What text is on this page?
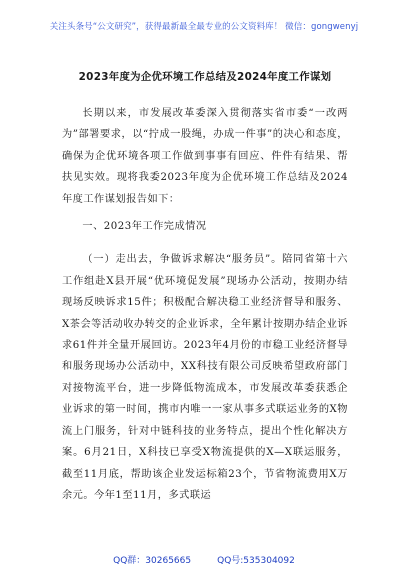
关注头条号“公文研究”，获得最新最全最专业的公文资料库！ 微信：gongwenyj
2023年度为企优环境工作总结及2024年度工作谋划

长期以来，市发展改革委深入贯彻落实省市委“一改两为”部署要求，以“拧成一股绳，办成一件事”的决心和态度，确保为企优环境各项工作做到事事有回应、件件有结果、帮扶见实效。现将我委2023年度为企优环境工作总结及2024年度工作谋划报告如下：

一、2023年工作完成情况

（一）走出去，争做诉求解决“服务员”。陪同省第十六工作组赴X县开展“优环境促发展”现场办公活动，按期办结现场反映诉求15件；积极配合解决稳工业经济督导和服务、X茶会等活动收办转交的企业诉求，全年累计按期办结企业诉求61件并全量开展回访。2023年4月份的市稳工业经济督导和服务现场办公活动中，XX科技有限公司反映希望政府部门对接物流平台，进一步降低物流成本，市发展改革委获悉企业诉求的第一时间，携市内唯一一家从事多式联运业务的X物流上门服务，针对中链科技的业务特点，提出个性化解决方案。6月21日，X科技已享受X物流提供的X—X联运服务，截至11月底，帮助该企业发运标箱23个，节省物流费用X万余元。今年1至11月，多式联运

QQ群：30265665	QQ号:535304092
